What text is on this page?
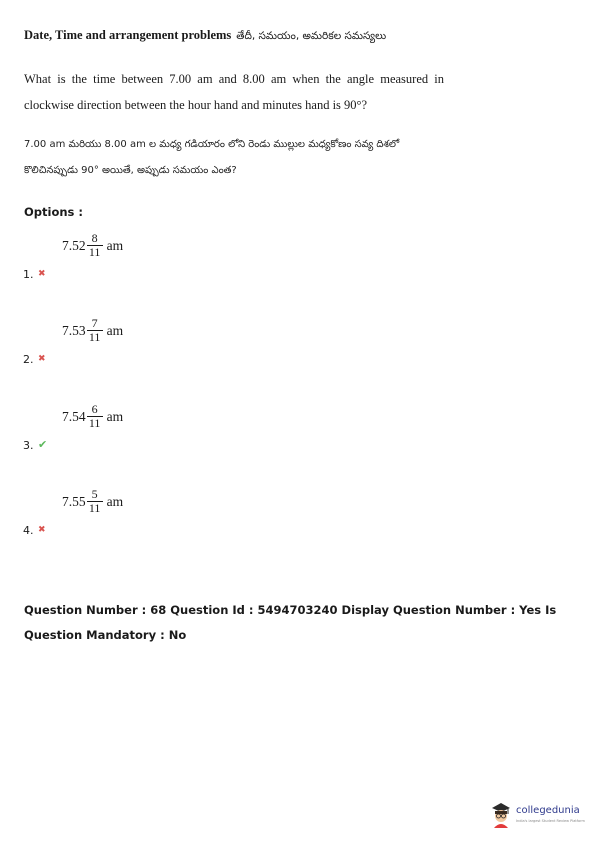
Date, Time and arrangement problems తేదీ, సమయం, అమరికల సమస్యలు
What is the time between 7.00 am and 8.00 am when the angle measured in clockwise direction between the hour hand and minutes hand is 90°?
7.00 am మరియు 8.00 am ల మధ్య గడియారం లోని రెండు ముల్లుల మధ్యకోణం సవ్య దిశలో కొలిచినప్పుడు 90° అయితే, అప్పుడు సమయం ఎంత?
Options :
$7.52 \frac{8}{11}$ am
1. ✖
$7.53 \frac{7}{11}$ am
2. ✖
$7.54 \frac{6}{11}$ am
3. ✔
$7.55 \frac{5}{11}$ am
4. ✖
Question Number : 68 Question Id : 5494703240 Display Question Number : Yes Is Question Mandatory : No
collegedunia
India's largest Student Review Platform
